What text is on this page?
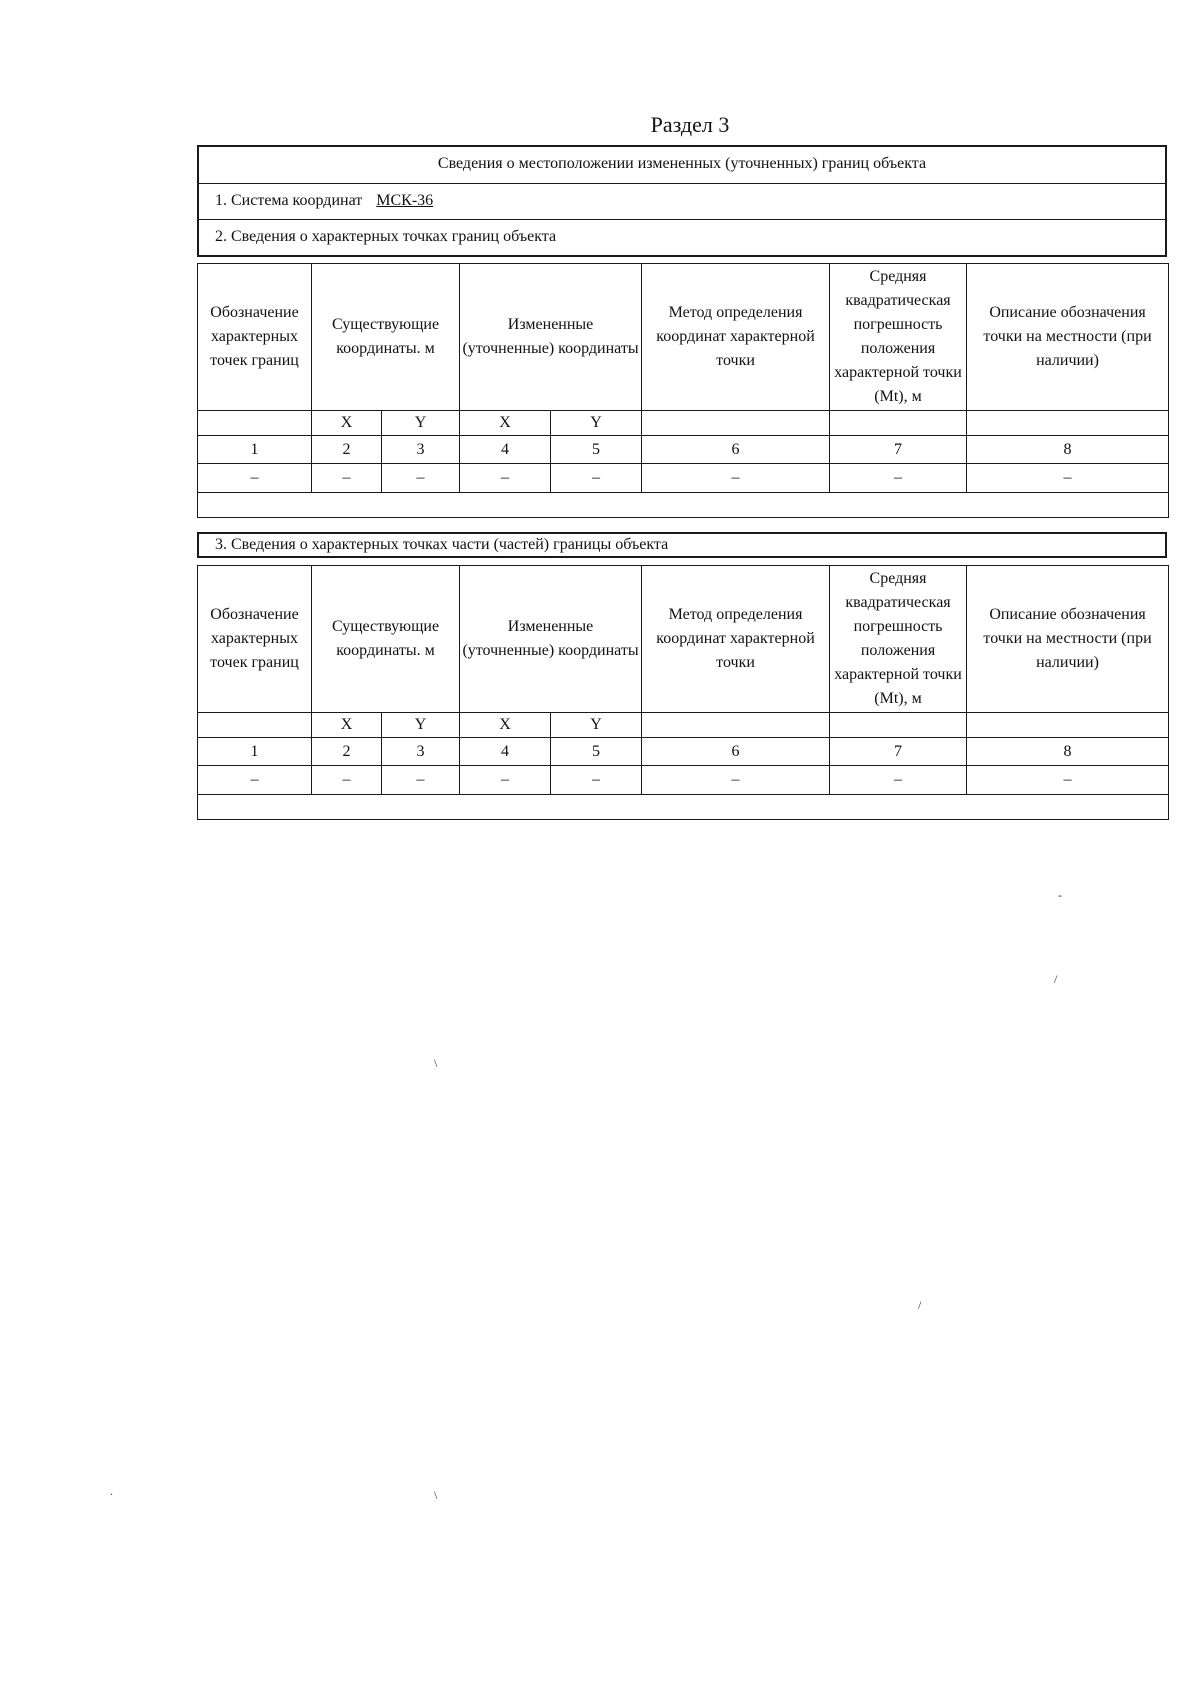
Раздел 3
Сведения о местоположении измененных (уточненных) границ объекта
1. Система координат МСК-36
2. Сведения о характерных точках границ объекта
Обозначение характерных точек границ	Существующие координаты. м		Измененные (уточненные) координаты		Метод определения координат характерной точки	Средняя квадратическая погрешность положения характерной точки (Mt), м	Описание обозначения точки на местности (при наличии)
	X	Y	X	Y			
1	2	3	4	5	6	7	8
–	–	–	–	–	–	–	–

3. Сведения о характерных точках части (частей) границы объекта
Обозначение характерных точек границ	Существующие координаты. м		Измененные (уточненные) координаты		Метод определения координат характерной точки	Средняя квадратическая погрешность положения характерной точки (Mt), м	Описание обозначения точки на местности (при наличии)
	X	Y	X	Y			
1	2	3	4	5	6	7	8
–	–	–	–	–	–	–	–

-
/
\
/
.	\
